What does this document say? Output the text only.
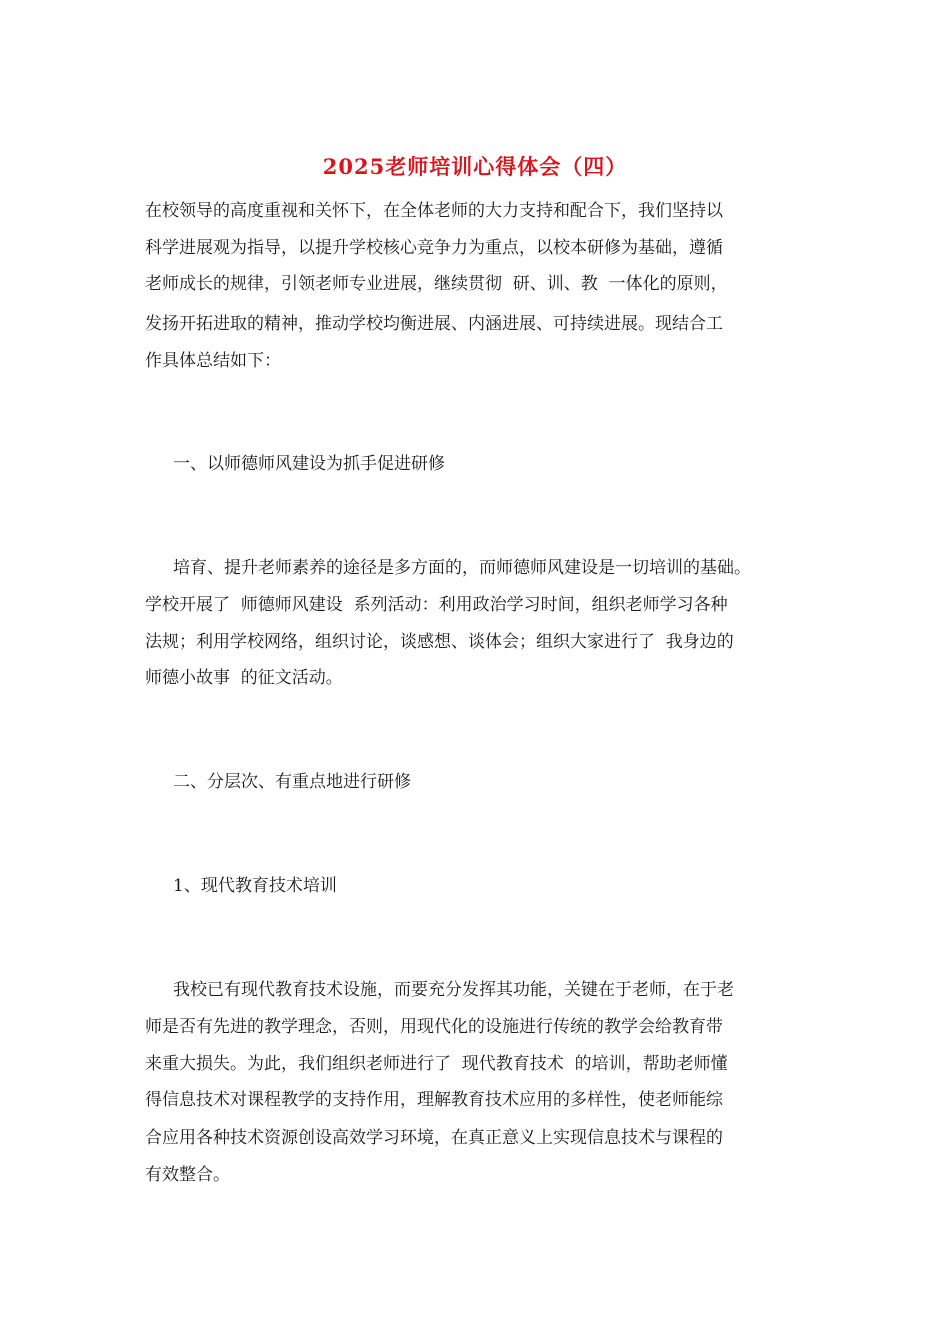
2025老师培训心得体会（四）
在校领导的高度重视和关怀下，在全体老师的大力支持和配合下，我们坚持以
科学进展观为指导，以提升学校核心竞争力为重点，以校本研修为基础，遵循
老师成长的规律，引领老师专业进展，继续贯彻  研、训、教  一体化的原则，
发扬开拓进取的精神，推动学校均衡进展、内涵进展、可持续进展。现结合工
作具体总结如下：
一、以师德师风建设为抓手促进研修
培育、提升老师素养的途径是多方面的，而师德师风建设是一切培训的基础。
学校开展了  师德师风建设  系列活动：利用政治学习时间，组织老师学习各种
法规；利用学校网络，组织讨论，谈感想、谈体会；组织大家进行了  我身边的
师德小故事  的征文活动。
二、分层次、有重点地进行研修
1、现代教育技术培训
我校已有现代教育技术设施，而要充分发挥其功能，关键在于老师，在于老
师是否有先进的教学理念，否则，用现代化的设施进行传统的教学会给教育带
来重大损失。为此，我们组织老师进行了  现代教育技术  的培训，帮助老师懂
得信息技术对课程教学的支持作用，理解教育技术应用的多样性，使老师能综
合应用各种技术资源创设高效学习环境，在真正意义上实现信息技术与课程的
有效整合。
